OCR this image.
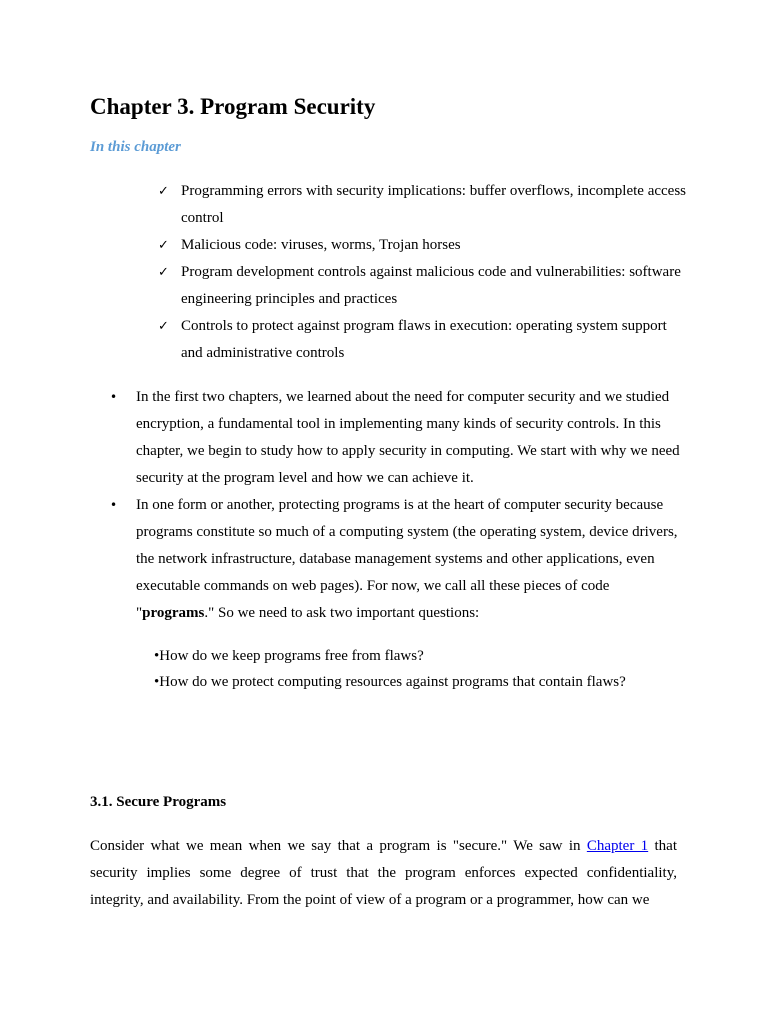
Chapter 3. Program Security
In this chapter
✓ Programming errors with security implications: buffer overflows, incomplete access control
✓ Malicious code: viruses, worms, Trojan horses
✓ Program development controls against malicious code and vulnerabilities: software engineering principles and practices
✓ Controls to protect against program flaws in execution: operating system support and administrative controls
• In the first two chapters, we learned about the need for computer security and we studied encryption, a fundamental tool in implementing many kinds of security controls. In this chapter, we begin to study how to apply security in computing. We start with why we need security at the program level and how we can achieve it.
• In one form or another, protecting programs is at the heart of computer security because programs constitute so much of a computing system (the operating system, device drivers, the network infrastructure, database management systems and other applications, even executable commands on web pages). For now, we call all these pieces of code "programs." So we need to ask two important questions:
•How do we keep programs free from flaws?
•How do we protect computing resources against programs that contain flaws?
3.1. Secure Programs

Consider what we mean when we say that a program is "secure." We saw in Chapter 1 that security implies some degree of trust that the program enforces expected confidentiality, integrity, and availability. From the point of view of a program or a programmer, how can we
